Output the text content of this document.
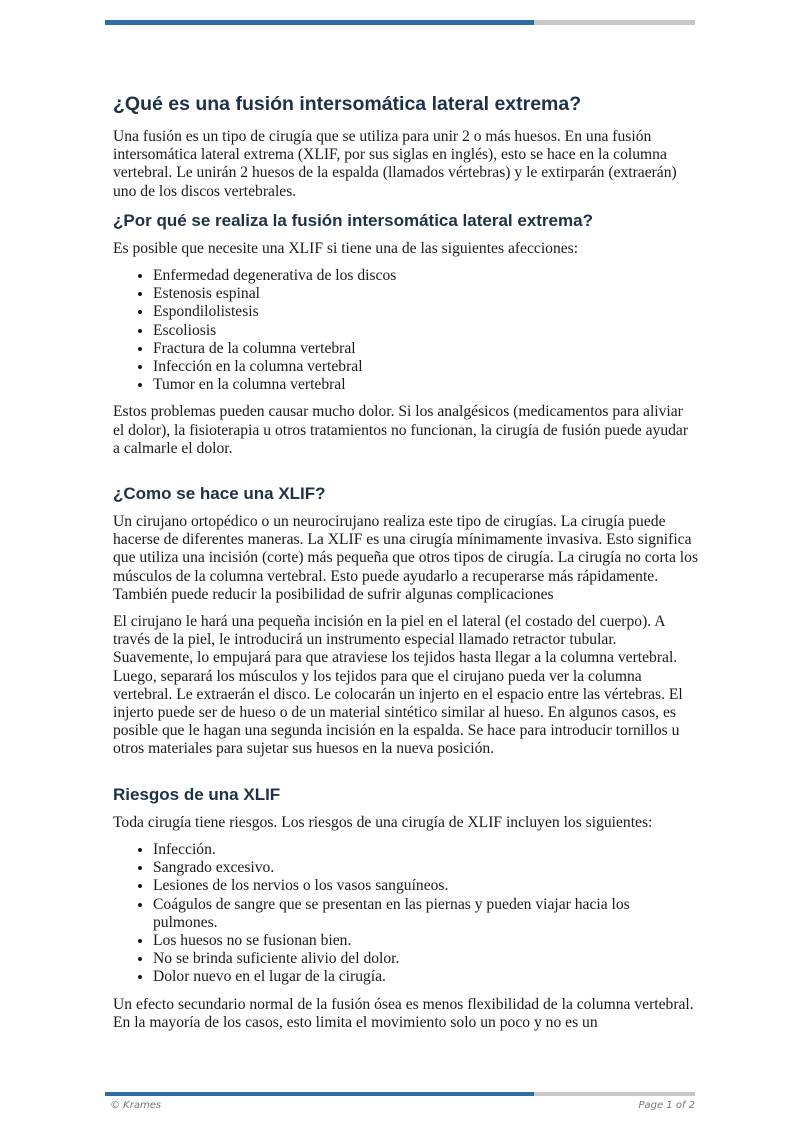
¿Qué es una fusión intersomática lateral extrema?

Una fusión es un tipo de cirugía que se utiliza para unir 2 o más huesos. En una fusión intersomática lateral extrema (XLIF, por sus siglas en inglés), esto se hace en la columna vertebral. Le unirán 2 huesos de la espalda (llamados vértebras) y le extirparán (extraerán) uno de los discos vertebrales.

¿Por qué se realiza la fusión intersomática lateral extrema?

Es posible que necesite una XLIF si tiene una de las siguientes afecciones:

• Enfermedad degenerativa de los discos
• Estenosis espinal
• Espondilolistesis
• Escoliosis
• Fractura de la columna vertebral
• Infección en la columna vertebral
• Tumor en la columna vertebral

Estos problemas pueden causar mucho dolor. Si los analgésicos (medicamentos para aliviar el dolor), la fisioterapia u otros tratamientos no funcionan, la cirugía de fusión puede ayudar a calmarle el dolor.

¿Como se hace una XLIF?

Un cirujano ortopédico o un neurocirujano realiza este tipo de cirugías. La cirugía puede hacerse de diferentes maneras. La XLIF es una cirugía mínimamente invasiva. Esto significa que utiliza una incisión (corte) más pequeña que otros tipos de cirugía. La cirugía no corta los músculos de la columna vertebral. Esto puede ayudarlo a recuperarse más rápidamente. También puede reducir la posibilidad de sufrir algunas complicaciones

El cirujano le hará una pequeña incisión en la piel en el lateral (el costado del cuerpo). A través de la piel, le introducirá un instrumento especial llamado retractor tubular. Suavemente, lo empujará para que atraviese los tejidos hasta llegar a la columna vertebral. Luego, separará los músculos y los tejidos para que el cirujano pueda ver la columna vertebral. Le extraerán el disco. Le colocarán un injerto en el espacio entre las vértebras. El injerto puede ser de hueso o de un material sintético similar al hueso. En algunos casos, es posible que le hagan una segunda incisión en la espalda. Se hace para introducir tornillos u otros materiales para sujetar sus huesos en la nueva posición.

Riesgos de una XLIF

Toda cirugía tiene riesgos. Los riesgos de una cirugía de XLIF incluyen los siguientes:

• Infección.
• Sangrado excesivo.
• Lesiones de los nervios o los vasos sanguíneos.
• Coágulos de sangre que se presentan en las piernas y pueden viajar hacia los pulmones.
• Los huesos no se fusionan bien.
• No se brinda suficiente alivio del dolor.
• Dolor nuevo en el lugar de la cirugía.

Un efecto secundario normal de la fusión ósea es menos flexibilidad de la columna vertebral. En la mayoría de los casos, esto limita el movimiento solo un poco y no es un

© Krames	Page 1 of 2
